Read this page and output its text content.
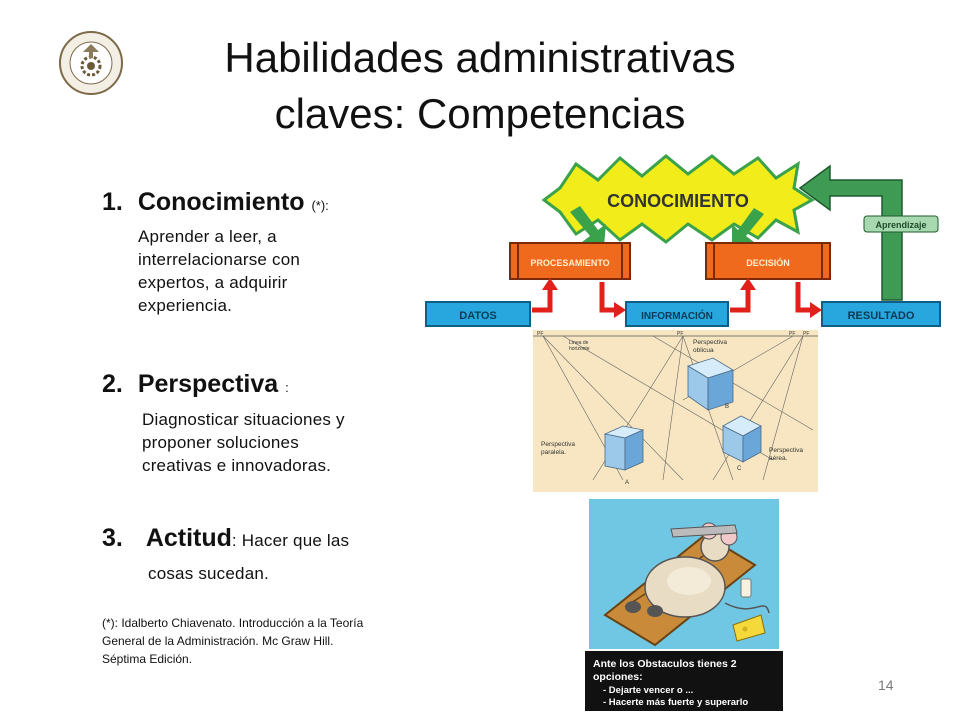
Habilidades administrativas
claves: Competencias
1. Conocimiento (*):
Aprender a leer, a
interrelacionarse con
expertos, a adquirir
experiencia.
2. Perspectiva :
Diagnosticar situaciones y
proponer soluciones
creativas e innovadoras.
3. Actitud: Hacer que las
cosas sucedan.
(*): Idalberto Chiavenato. Introducción a la Teoría
General de la Administración. Mc Graw Hill.
Séptima Edición.
CONOCIMIENTO
PROCESAMIENTO	DECISIÓN
DATOS	INFORMACIÓN	RESULTADO
Aprendizaje
Línea de
horizonte
PF	PF	PF PF
Perspectiva
oblicua
B
Perspectiva
paralela.
A
Perspectiva
aérea.
C
Ante los Obstaculos tienes 2
opciones:
- Dejarte vencer o ...
- Hacerte más fuerte y superarlo
14
